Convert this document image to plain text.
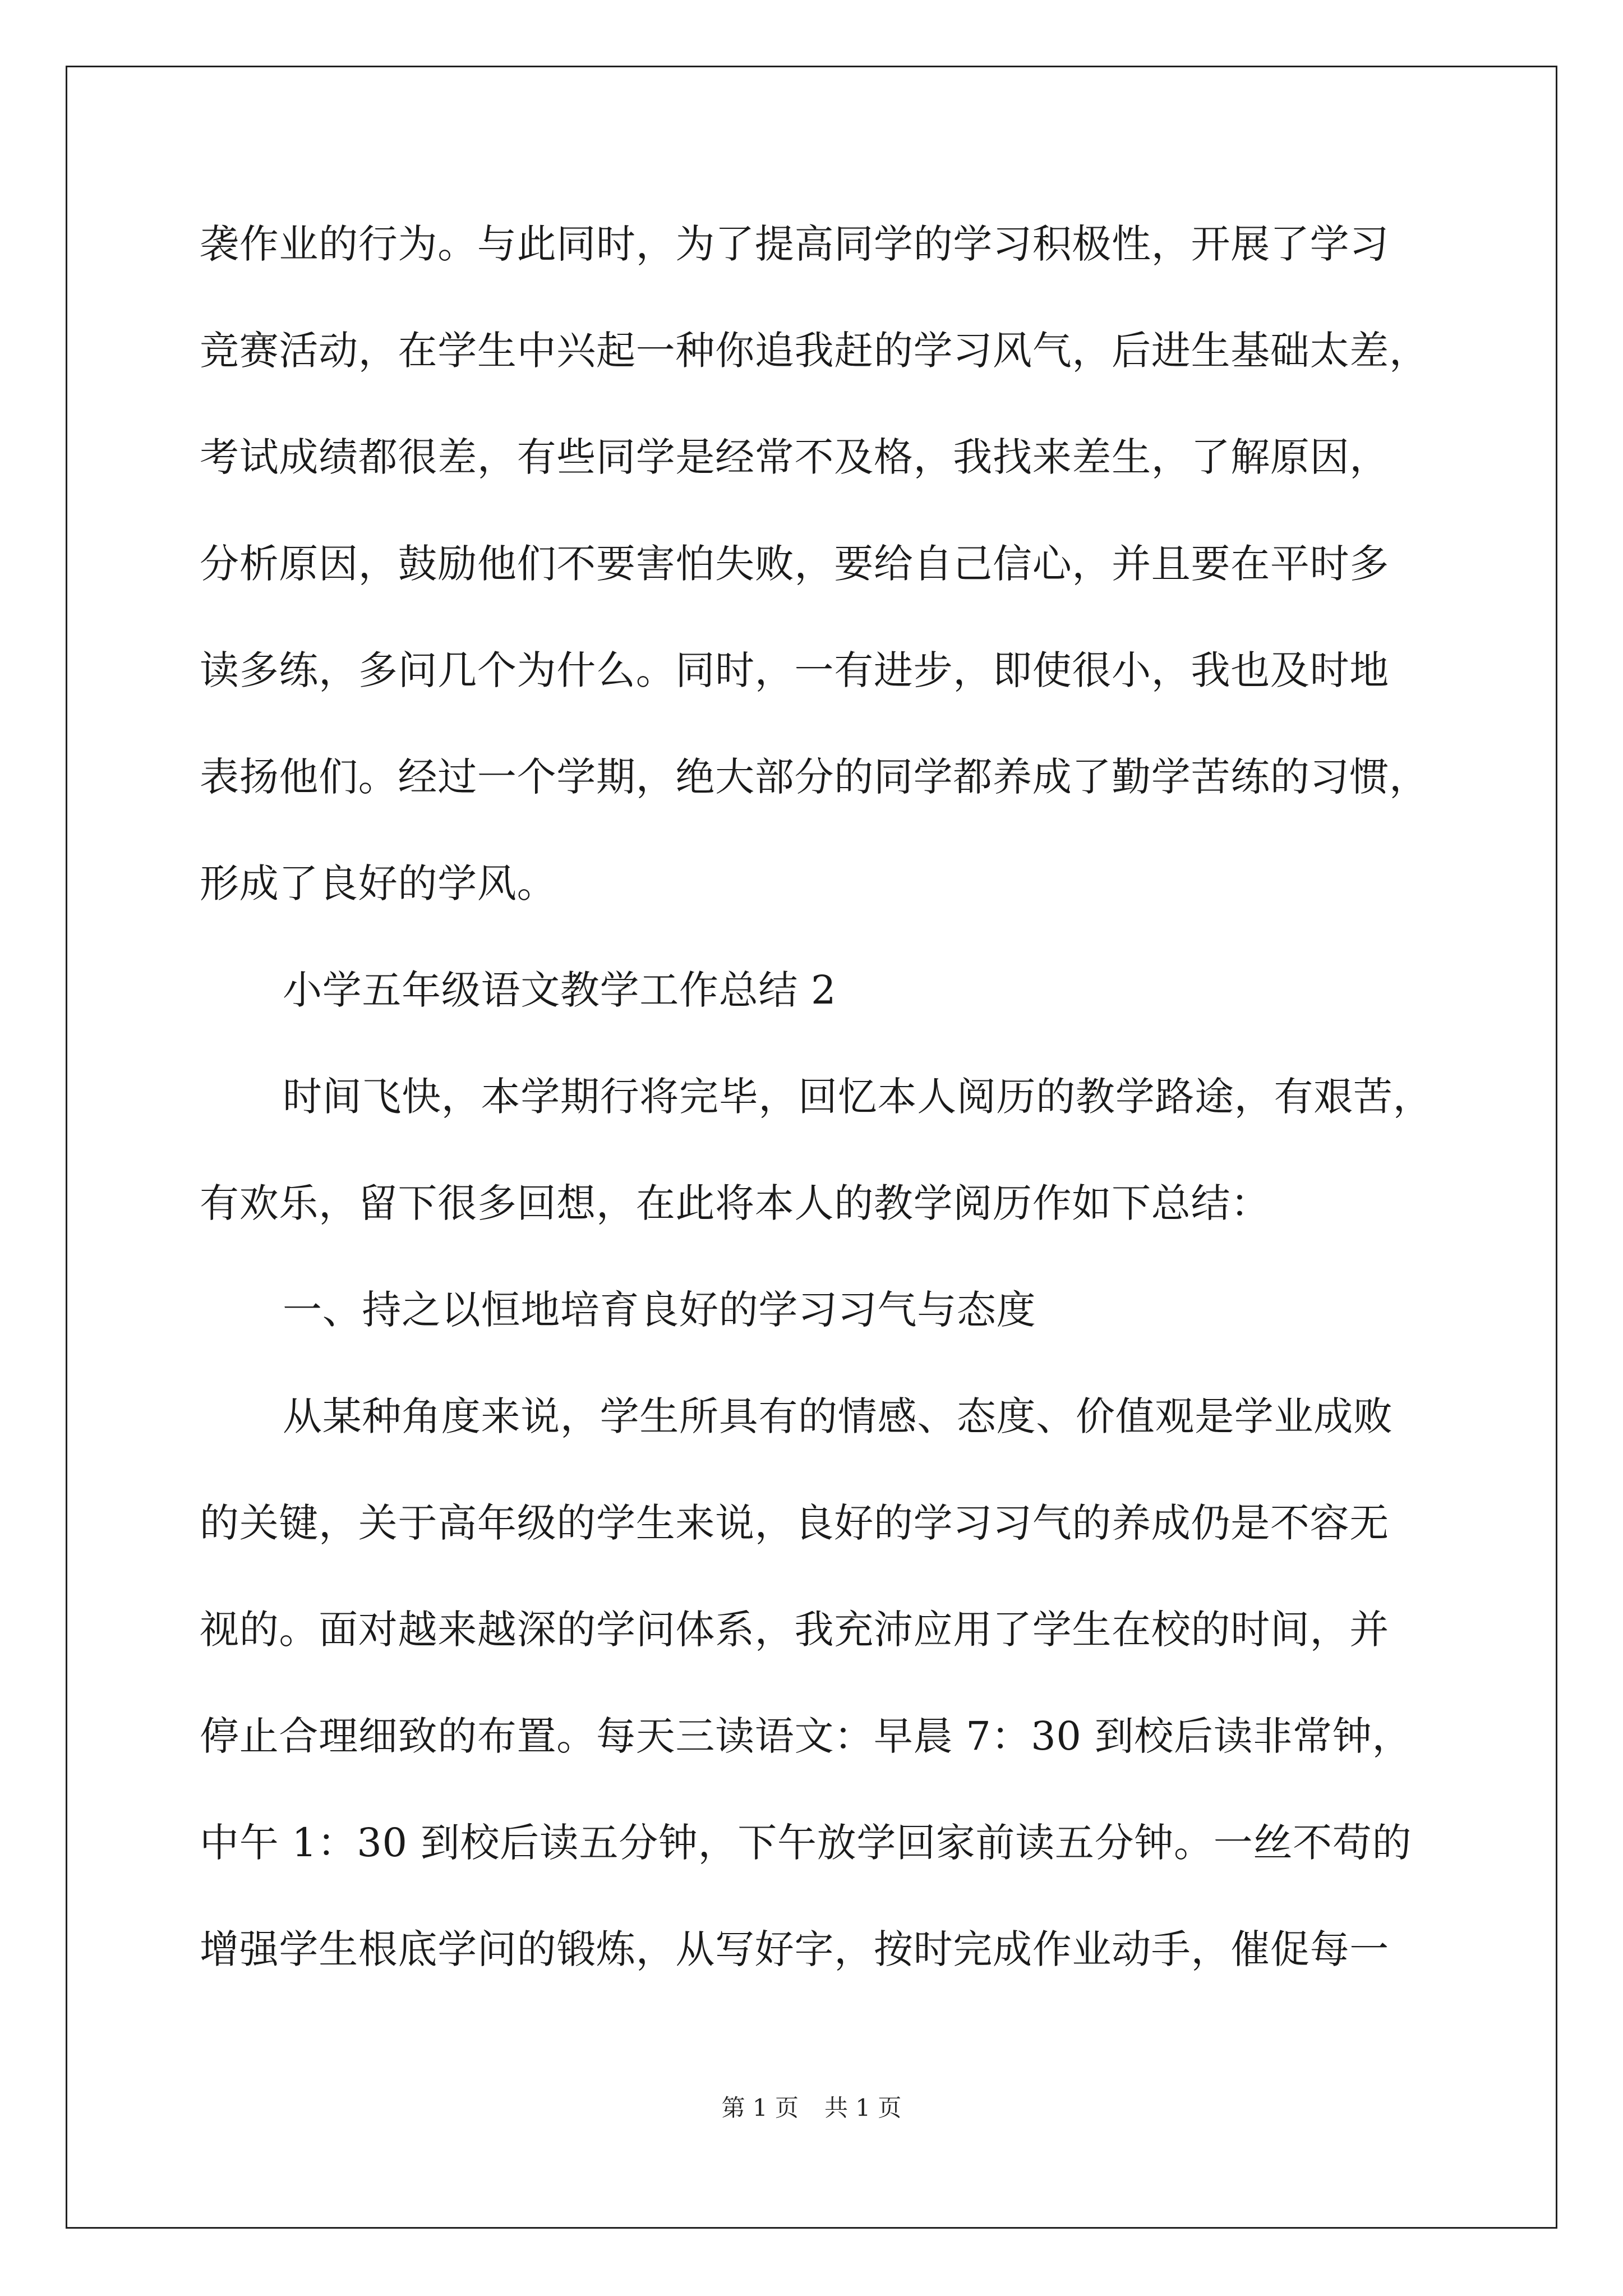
袭作业的行为。与此同时，为了提高同学的学习积极性，开展了学习
竞赛活动，在学生中兴起一种你追我赶的学习风气，后进生基础太差，
考试成绩都很差，有些同学是经常不及格，我找来差生，了解原因，
分析原因，鼓励他们不要害怕失败，要给自己信心，并且要在平时多
读多练，多问几个为什么。同时，一有进步，即使很小，我也及时地
表扬他们。经过一个学期，绝大部分的同学都养成了勤学苦练的习惯，
形成了良好的学风。
小学五年级语文教学工作总结 2
时间飞快，本学期行将完毕，回忆本人阅历的教学路途，有艰苦，
有欢乐，留下很多回想，在此将本人的教学阅历作如下总结：
一、持之以恒地培育良好的学习习气与态度
从某种角度来说，学生所具有的情感、态度、价值观是学业成败
的关键，关于高年级的学生来说，良好的学习习气的养成仍是不容无
视的。面对越来越深的学问体系，我充沛应用了学生在校的时间，并
停止合理细致的布置。每天三读语文：早晨 7：30 到校后读非常钟，
中午 1：30 到校后读五分钟，下午放学回家前读五分钟。一丝不苟的
增强学生根底学问的锻炼，从写好字，按时完成作业动手，催促每一
第 1 页 共 1 页
